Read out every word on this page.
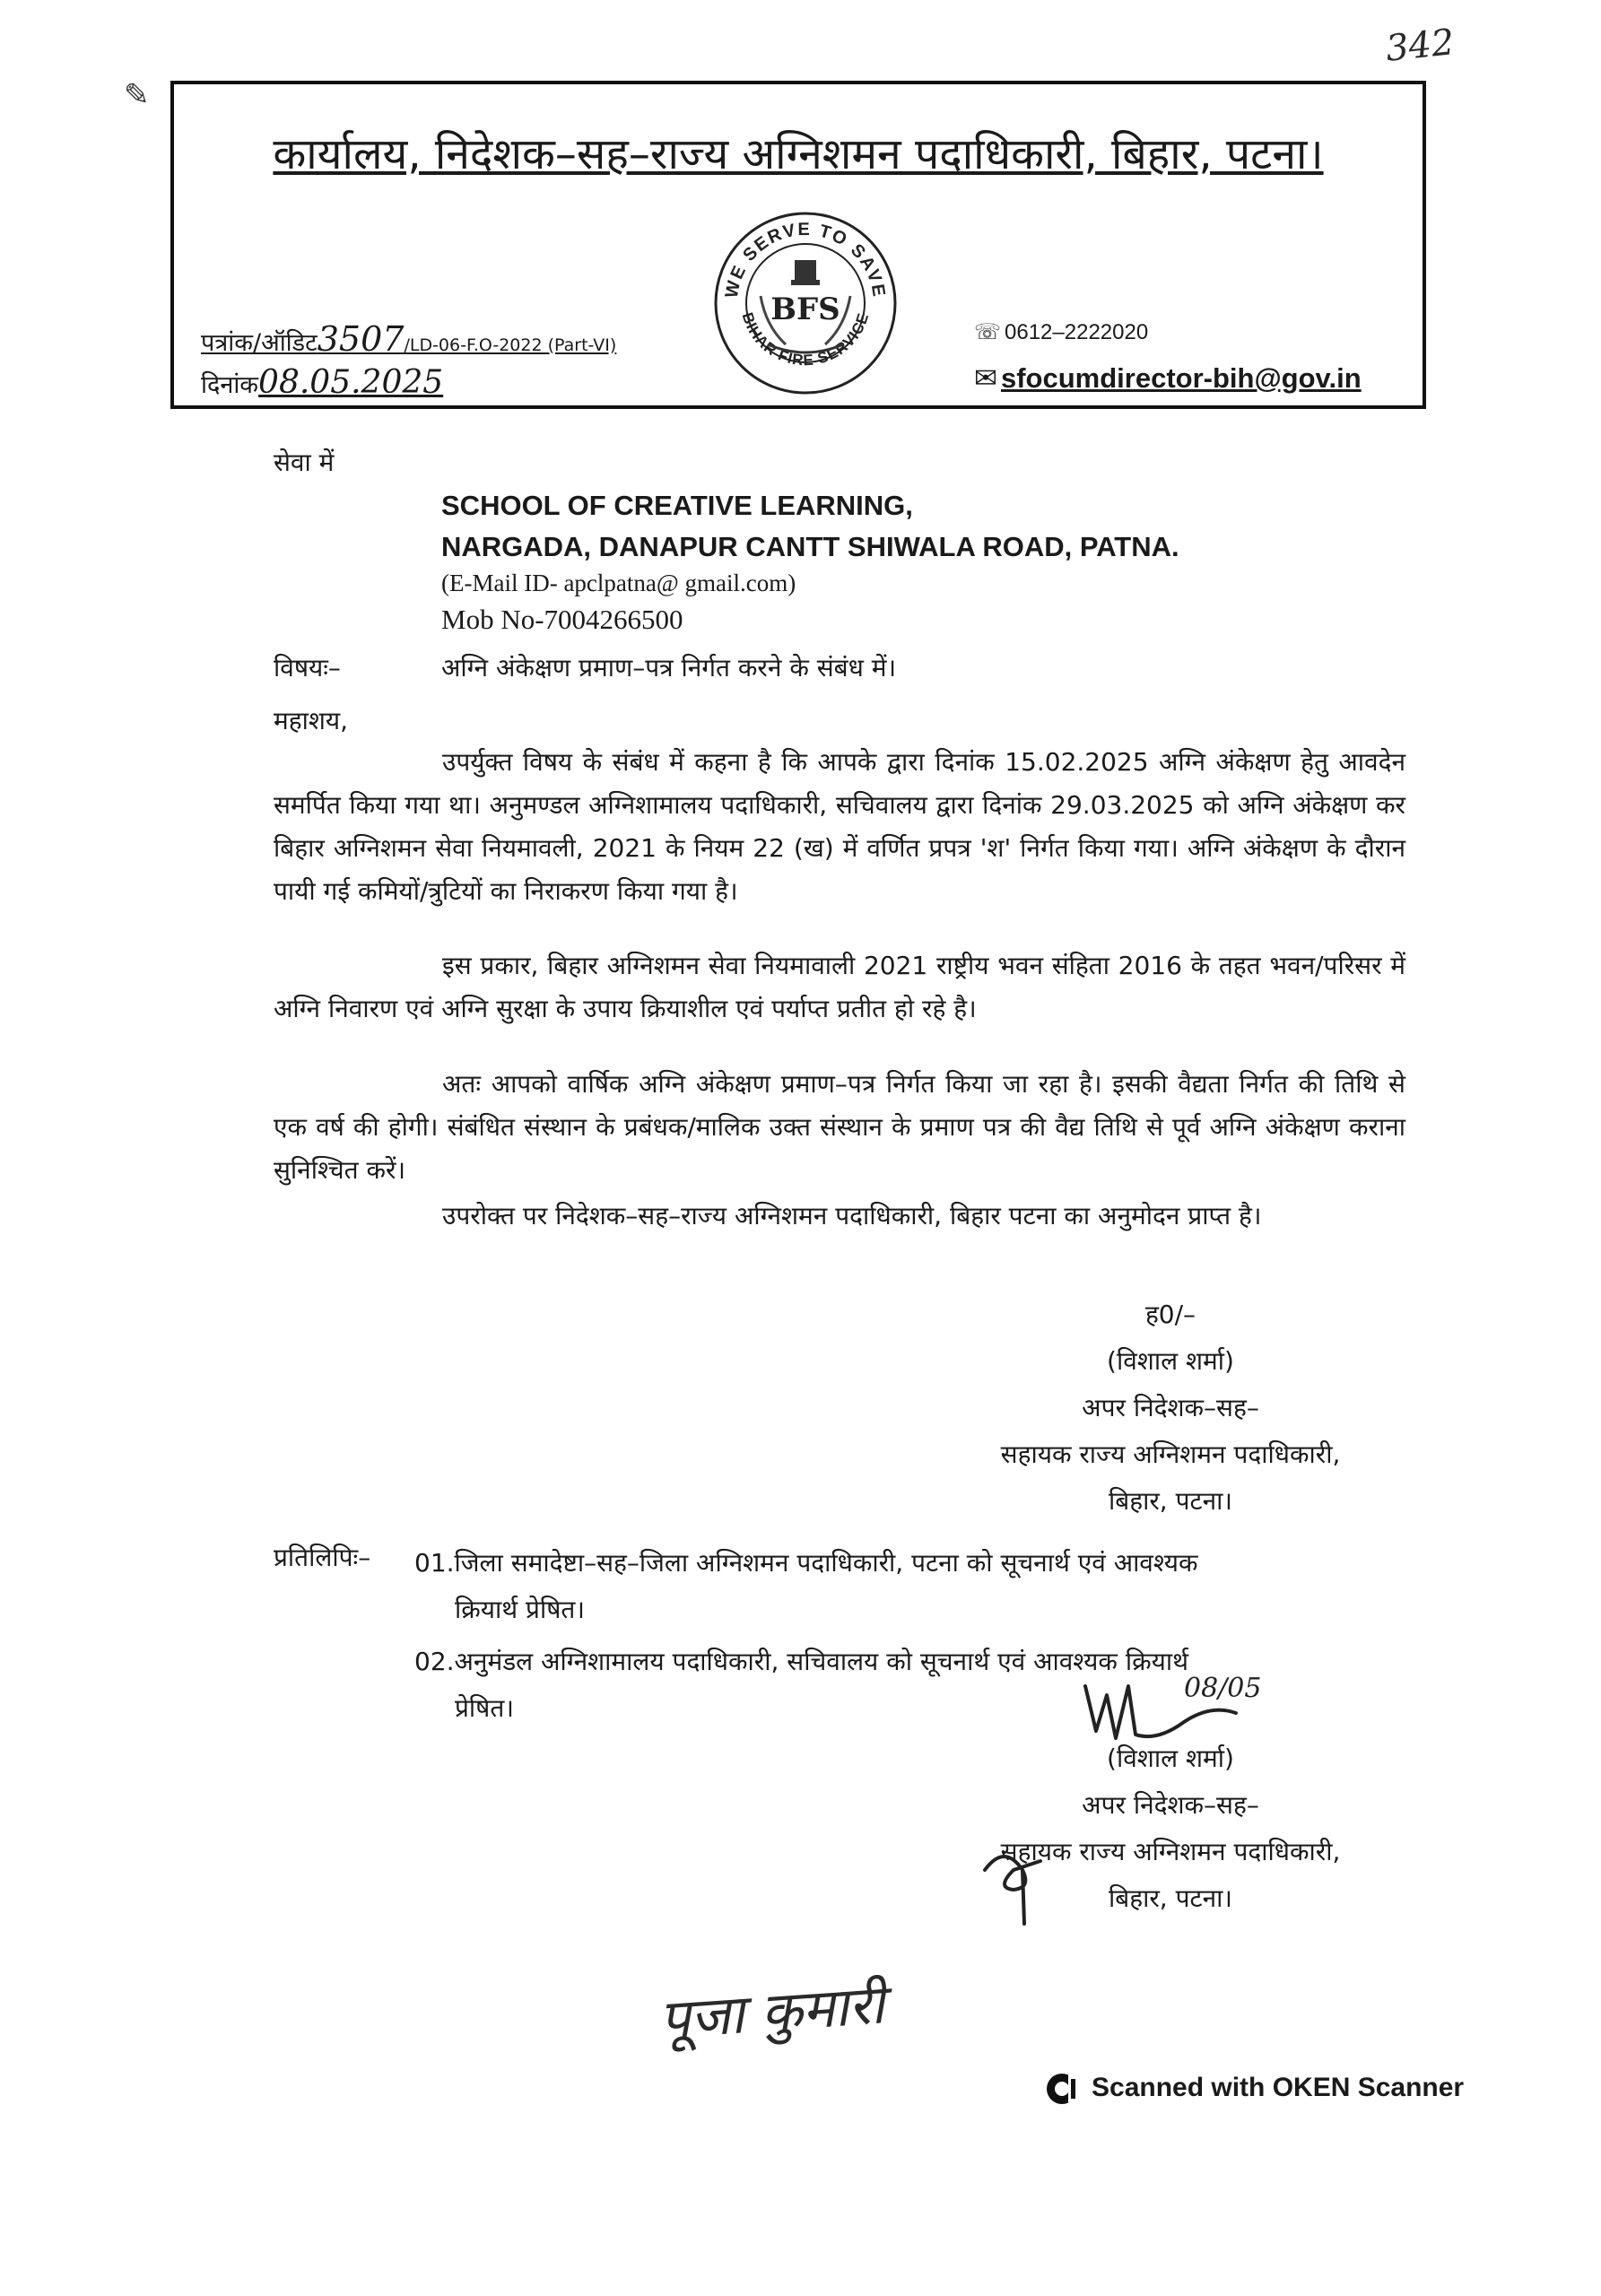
342
✎
कार्यालय, निदेशक–सह–राज्य अग्निशमन पदाधिकारी, बिहार, पटना।
WE SERVE TO SAVE
BIHAR FIRE SERVICE
BFS
पत्रांक/ऑडिट3507/LD-06-F.O-2022 (Part-VI)
दिनांक08.05.2025
☏ 0612–2222020
✉ sfocumdirector-bih@gov.in
सेवा में
SCHOOL OF CREATIVE LEARNING,
NARGADA, DANAPUR CANTT SHIWALA ROAD, PATNA.
(E-Mail ID- apclpatna@ gmail.com)
Mob No-7004266500
विषयः–	अग्नि अंकेक्षण प्रमाण–पत्र निर्गत करने के संबंध में।
महाशय,

उपर्युक्त विषय के संबंध में कहना है कि आपके द्वारा दिनांक 15.02.2025 अग्नि अंकेक्षण हेतु आवदेन समर्पित किया गया था। अनुमण्डल अग्निशामालय पदाधिकारी, सचिवालय द्वारा दिनांक 29.03.2025 को अग्नि अंकेक्षण कर बिहार अग्निशमन सेवा नियमावली, 2021 के नियम 22 (ख) में वर्णित प्रपत्र 'श' निर्गत किया गया। अग्नि अंकेक्षण के दौरान पायी गई कमियों/त्रुटियों का निराकरण किया गया है।

इस प्रकार, बिहार अग्निशमन सेवा नियमावाली 2021 राष्ट्रीय भवन संहिता 2016 के तहत भवन/परिसर में अग्नि निवारण एवं अग्नि सुरक्षा के उपाय क्रियाशील एवं पर्याप्त प्रतीत हो रहे है।

अतः आपको वार्षिक अग्नि अंकेक्षण प्रमाण–पत्र निर्गत किया जा रहा है। इसकी वैद्यता निर्गत की तिथि से एक वर्ष की होगी। संबंधित संस्थान के प्रबंधक/मालिक उक्त संस्थान के प्रमाण पत्र की वैद्य तिथि से पूर्व अग्नि अंकेक्षण कराना सुनिश्चित करें।

उपरोक्त पर निदेशक–सह–राज्य अग्निशमन पदाधिकारी, बिहार पटना का अनुमोदन प्राप्त है।

ह0/–
(विशाल शर्मा)
अपर निदेशक–सह–
सहायक राज्य अग्निशमन पदाधिकारी,
बिहार, पटना।
प्रतिलिपिः– 01.जिला समादेष्टा–सह–जिला अग्निशमन पदाधिकारी, पटना को सूचनार्थ एवं आवश्यक
क्रियार्थ प्रेषित।
02.अनुमंडल अग्निशामालय पदाधिकारी, सचिवालय को सूचनार्थ एवं आवश्यक क्रियार्थ
प्रेषित।
08/05
(विशाल शर्मा)
अपर निदेशक–सह–
सहायक राज्य अग्निशमन पदाधिकारी,
बिहार, पटना।
पूजा कुमारी
Scanned with OKEN Scanner
